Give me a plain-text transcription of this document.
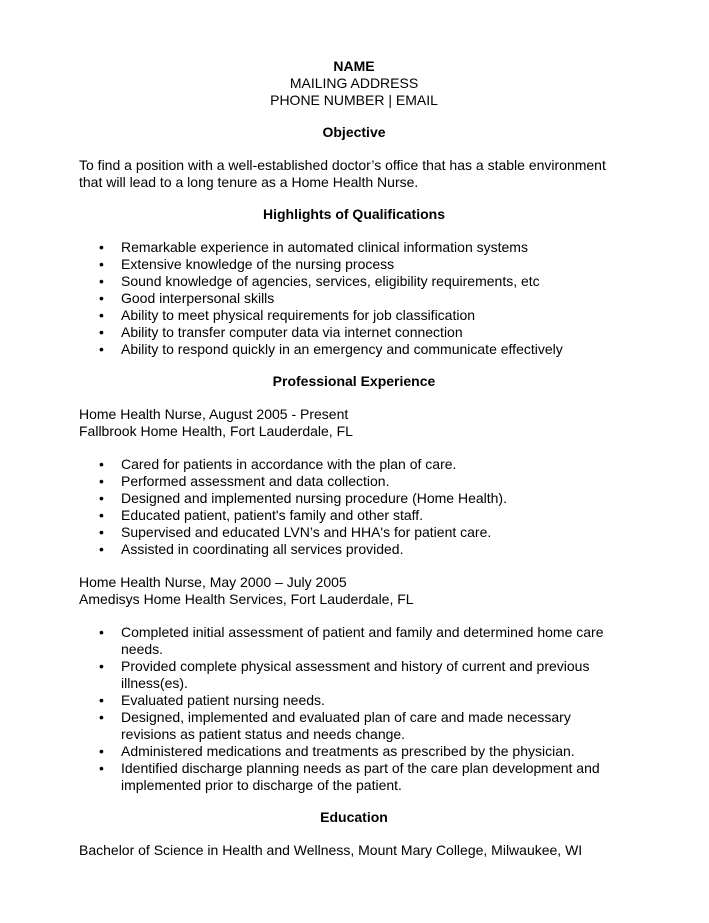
NAME
MAILING ADDRESS
PHONE NUMBER | EMAIL
Objective

To find a position with a well-established doctor’s office that has a stable environment that will lead to a long tenure as a Home Health Nurse.

Highlights of Qualifications
• Remarkable experience in automated clinical information systems
• Extensive knowledge of the nursing process
• Sound knowledge of agencies, services, eligibility requirements, etc
• Good interpersonal skills
• Ability to meet physical requirements for job classification
• Ability to transfer computer data via internet connection
• Ability to respond quickly in an emergency and communicate effectively
Professional Experience

Home Health Nurse, August 2005 - Present

Fallbrook Home Health, Fort Lauderdale, FL

• Cared for patients in accordance with the plan of care.
• Performed assessment and data collection.
• Designed and implemented nursing procedure (Home Health).
• Educated patient, patient's family and other staff.
• Supervised and educated LVN’s and HHA's for patient care.
• Assisted in coordinating all services provided.

Home Health Nurse, May 2000 – July 2005

Amedisys Home Health Services, Fort Lauderdale, FL

• Completed initial assessment of patient and family and determined home care needs.
• Provided complete physical assessment and history of current and previous illness(es).
• Evaluated patient nursing needs.
• Designed, implemented and evaluated plan of care and made necessary revisions as patient status and needs change.
• Administered medications and treatments as prescribed by the physician.
• Identified discharge planning needs as part of the care plan development and implemented prior to discharge of the patient.
Education

Bachelor of Science in Health and Wellness, Mount Mary College, Milwaukee, WI
